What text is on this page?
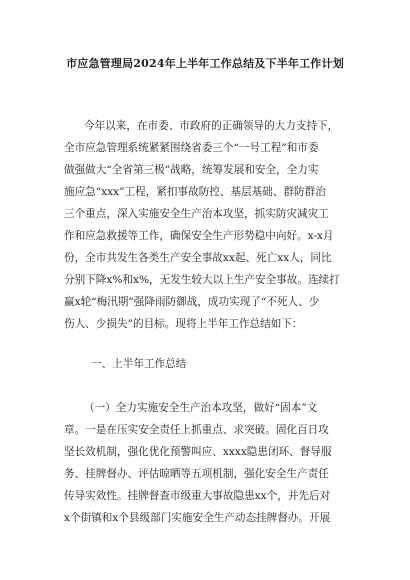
市应急管理局2024年上半年工作总结及下半年工作计划

今年以来，在市委、市政府的正确领导的大力支持下，

全市应急管理系统紧紧围绕省委三个“一号工程”和市委

做强做大“全省第三极”战略，统筹发展和安全，全力实

施应急“xxx”工程，紧扣事故防控、基层基础、群防群治

三个重点，深入实施安全生产治本攻坚，抓实防灾减灾工

作和应急救援等工作，确保安全生产形势稳中向好。x-x月

份，全市共发生各类生产安全事故xx起、死亡xx人，同比

分别下降x%和x%，无发生较大以上生产安全事故。连续打

赢x轮“梅汛期”强降雨防御战，成功实现了“不死人、少

伤人、少损失”的目标。现将上半年工作总结如下：

一、上半年工作总结

（一）全力实施安全生产治本攻坚，做好“固本”文

章。一是在压实安全责任上抓重点、求突破。固化百日攻

坚长效机制，强化优化预警叫应、xxxx隐患闭环、督导服

务、挂牌督办、评估晾晒等五项机制，强化安全生产责任

传导实效性。挂牌督查市级重大事故隐患xx个，并先后对

x个街镇和x个县级部门实施安全生产动态挂牌督办。开展
